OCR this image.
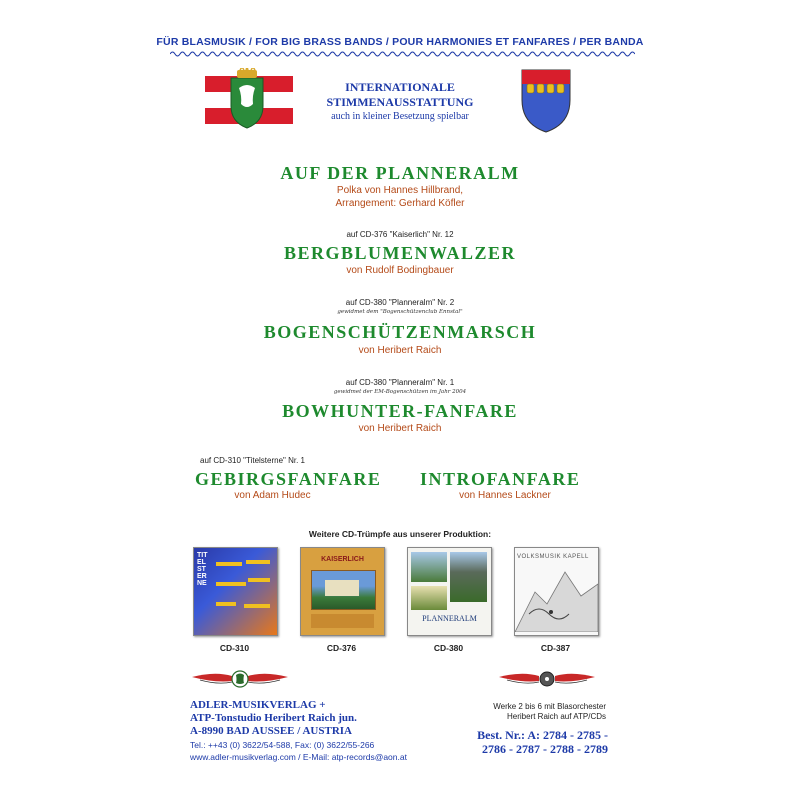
FÜR BLASMUSIK / FOR BIG BRASS BANDS / POUR HARMONIES ET FANFARES / PER BANDA
INTERNATIONALE
STIMMENAUSSTATTUNG
auch in kleiner Besetzung spielbar
AUF DER PLANNERALM
Polka von Hannes Hillbrand,
Arrangement: Gerhard Köfler
auf CD-376 "Kaiserlich" Nr. 12
BERGBLUMENWALZER
von Rudolf Bodingbauer
auf CD-380 "Planneralm" Nr. 2
gewidmet dem "Bogenschützenclub Ennstal"
BOGENSCHÜTZENMARSCH
von Heribert Raich
auf CD-380 "Planneralm" Nr. 1
gewidmet der EM-Bogenschützen im Jahr 2004
BOWHUNTER-FANFARE
von Heribert Raich
auf CD-310 "Titelsterne" Nr. 1
GEBIRGSFANFARE
von Adam Hudec
INTROFANFARE
von Hannes Lackner
Weitere CD-Trümpfe aus unserer Produktion:
TITELSTERNE
KAISERLICH
PLANNERALM
VOLKSMUSIK KAPELL
CD-310	CD-376	CD-380	CD-387
ADLER-MUSIKVERLAG +
ATP-Tonstudio Heribert Raich jun.
A-8990 BAD AUSSEE / AUSTRIA
Tel.: ++43 (0) 3622/54-588, Fax: (0) 3622/55-266
www.adler-musikverlag.com / E-Mail: atp-records@aon.at
Werke 2 bis 6 mit Blasorchester
Heribert Raich auf ATP/CDs
Best. Nr.: A: 2784 - 2785 -
2786 - 2787 - 2788 - 2789
